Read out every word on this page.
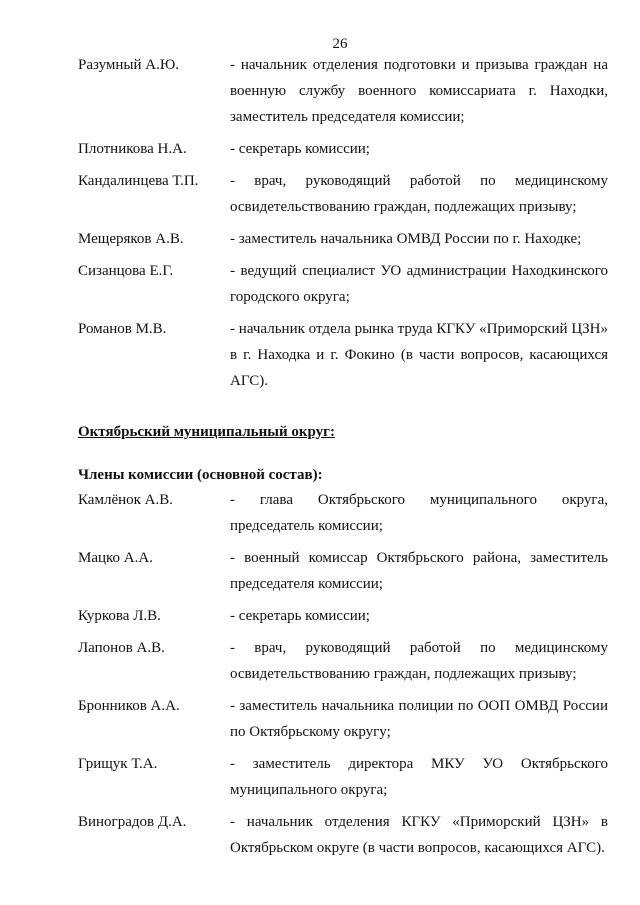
26
Разумный А.Ю.	- начальник отделения подготовки и призыва граждан на военную службу военного комиссариата г. Находки, заместитель председателя комиссии;
Плотникова Н.А.	- секретарь комиссии;
Кандалинцева Т.П.	- врач, руководящий работой по медицинскому освидетельствованию граждан, подлежащих призыву;
Мещеряков А.В.	- заместитель начальника ОМВД России по г. Находке;
Сизанцова Е.Г.	- ведущий специалист УО администрации Находкинского городского округа;
Романов М.В.	- начальник отдела рынка труда КГКУ «Приморский ЦЗН» в г. Находка и г. Фокино (в части вопросов, касающихся АГС).
Октябрьский муниципальный округ:
Члены комиссии (основной состав):
Камлёнок А.В.	- глава Октябрьского муниципального округа, председатель комиссии;
Мацко А.А.	- военный комиссар Октябрьского района, заместитель председателя комиссии;
Куркова Л.В.	- секретарь комиссии;
Лапонов А.В.	- врач, руководящий работой по медицинскому освидетельствованию граждан, подлежащих призыву;
Бронников А.А.	- заместитель начальника полиции по ООП ОМВД России по Октябрьскому округу;
Грищук Т.А.	- заместитель директора МКУ УО Октябрьского муниципального округа;
Виноградов Д.А.	- начальник отделения КГКУ «Приморский ЦЗН» в Октябрьском округе (в части вопросов, касающихся АГС).
